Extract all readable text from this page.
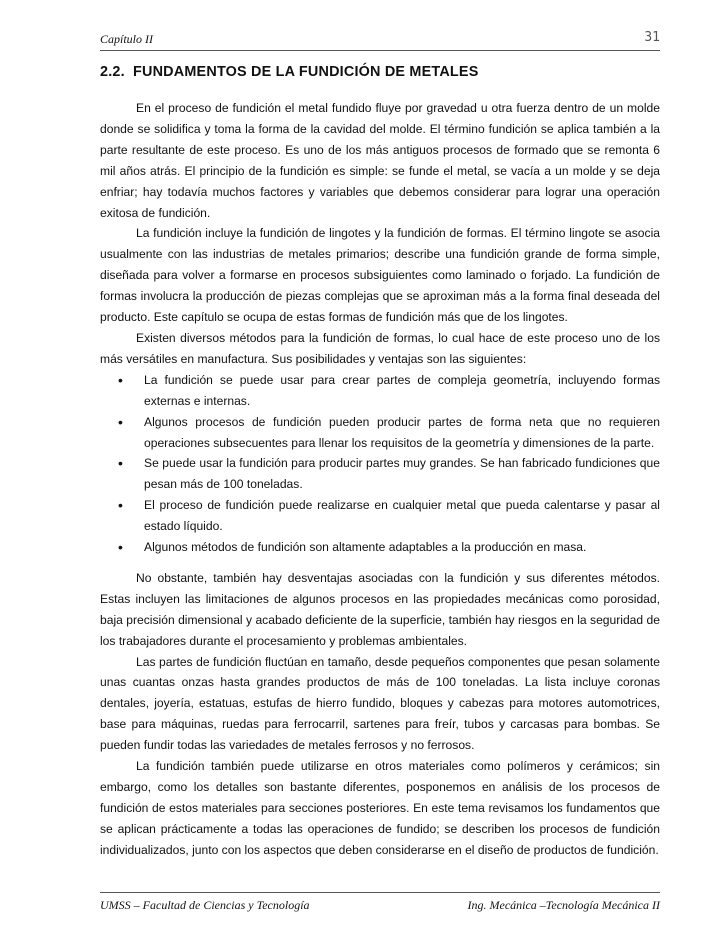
Capítulo II	31
2.2. FUNDAMENTOS DE LA FUNDICIÓN DE METALES

En el proceso de fundición el metal fundido fluye por gravedad u otra fuerza dentro de un molde donde se solidifica y toma la forma de la cavidad del molde. El término fundición se aplica también a la parte resultante de este proceso. Es uno de los más antiguos procesos de formado que se remonta 6 mil años atrás. El principio de la fundición es simple: se funde el metal, se vacía a un molde y se deja enfriar; hay todavía muchos factores y variables que debemos considerar para lograr una operación exitosa de fundición.

La fundición incluye la fundición de lingotes y la fundición de formas. El término lingote se asocia usualmente con las industrias de metales primarios; describe una fundición grande de forma simple, diseñada para volver a formarse en procesos subsiguientes como laminado o forjado. La fundición de formas involucra la producción de piezas complejas que se aproximan más a la forma final deseada del producto. Este capítulo se ocupa de estas formas de fundición más que de los lingotes.

Existen diversos métodos para la fundición de formas, lo cual hace de este proceso uno de los más versátiles en manufactura. Sus posibilidades y ventajas son las siguientes:

• La fundición se puede usar para crear partes de compleja geometría, incluyendo formas externas e internas.
• Algunos procesos de fundición pueden producir partes de forma neta que no requieren operaciones subsecuentes para llenar los requisitos de la geometría y dimensiones de la parte.
• Se puede usar la fundición para producir partes muy grandes. Se han fabricado fundiciones que pesan más de 100 toneladas.
• El proceso de fundición puede realizarse en cualquier metal que pueda calentarse y pasar al estado líquido.
• Algunos métodos de fundición son altamente adaptables a la producción en masa.

No obstante, también hay desventajas asociadas con la fundición y sus diferentes métodos. Estas incluyen las limitaciones de algunos procesos en las propiedades mecánicas como porosidad, baja precisión dimensional y acabado deficiente de la superficie, también hay riesgos en la seguridad de los trabajadores durante el procesamiento y problemas ambientales.

Las partes de fundición fluctúan en tamaño, desde pequeños componentes que pesan solamente unas cuantas onzas hasta grandes productos de más de 100 toneladas. La lista incluye coronas dentales, joyería, estatuas, estufas de hierro fundido, bloques y cabezas para motores automotrices, base para máquinas, ruedas para ferrocarril, sartenes para freír, tubos y carcasas para bombas. Se pueden fundir todas las variedades de metales ferrosos y no ferrosos.

La fundición también puede utilizarse en otros materiales como polímeros y cerámicos; sin embargo, como los detalles son bastante diferentes, posponemos en análisis de los procesos de fundición de estos materiales para secciones posteriores. En este tema revisamos los fundamentos que se aplican prácticamente a todas las operaciones de fundido; se describen los procesos de fundición individualizados, junto con los aspectos que deben considerarse en el diseño de productos de fundición.

UMSS – Facultad de Ciencias y Tecnología	Ing. Mecánica –Tecnología Mecánica II
